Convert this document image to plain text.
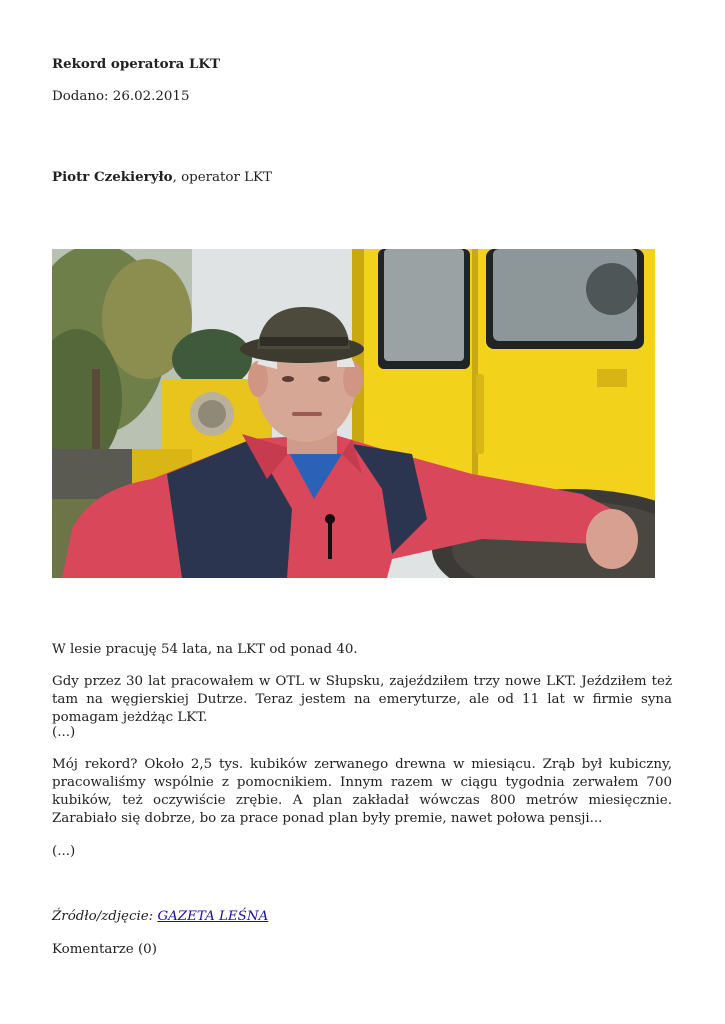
Rekord operatora LKT

Dodano: 26.02.2015

Piotr Czekieryło, operator LKT

W lesie pracuję 54 lata, na LKT od ponad 40.

Gdy przez 30 lat pracowałem w OTL w Słupsku, zajeździłem trzy nowe LKT. Jeździłem też tam na węgierskiej Dutrze. Teraz jestem na emeryturze, ale od 11 lat w firmie syna pomagam jeżdżąc LKT.

(...)

Mój rekord? Około 2,5 tys. kubików zerwanego drewna w miesiącu. Zrąb był kubiczny, pracowaliśmy wspólnie z pomocnikiem. Innym razem w ciągu tygodnia zerwałem 700 kubików, też oczywiście zrębie. A plan zakładał wówczas 800 metrów miesięcznie. Zarabiało się dobrze, bo za prace ponad plan były premie, nawet połowa pensji...

(...)

Źródło/zdjęcie: GAZETA LEŚNA

Komentarze (0)
